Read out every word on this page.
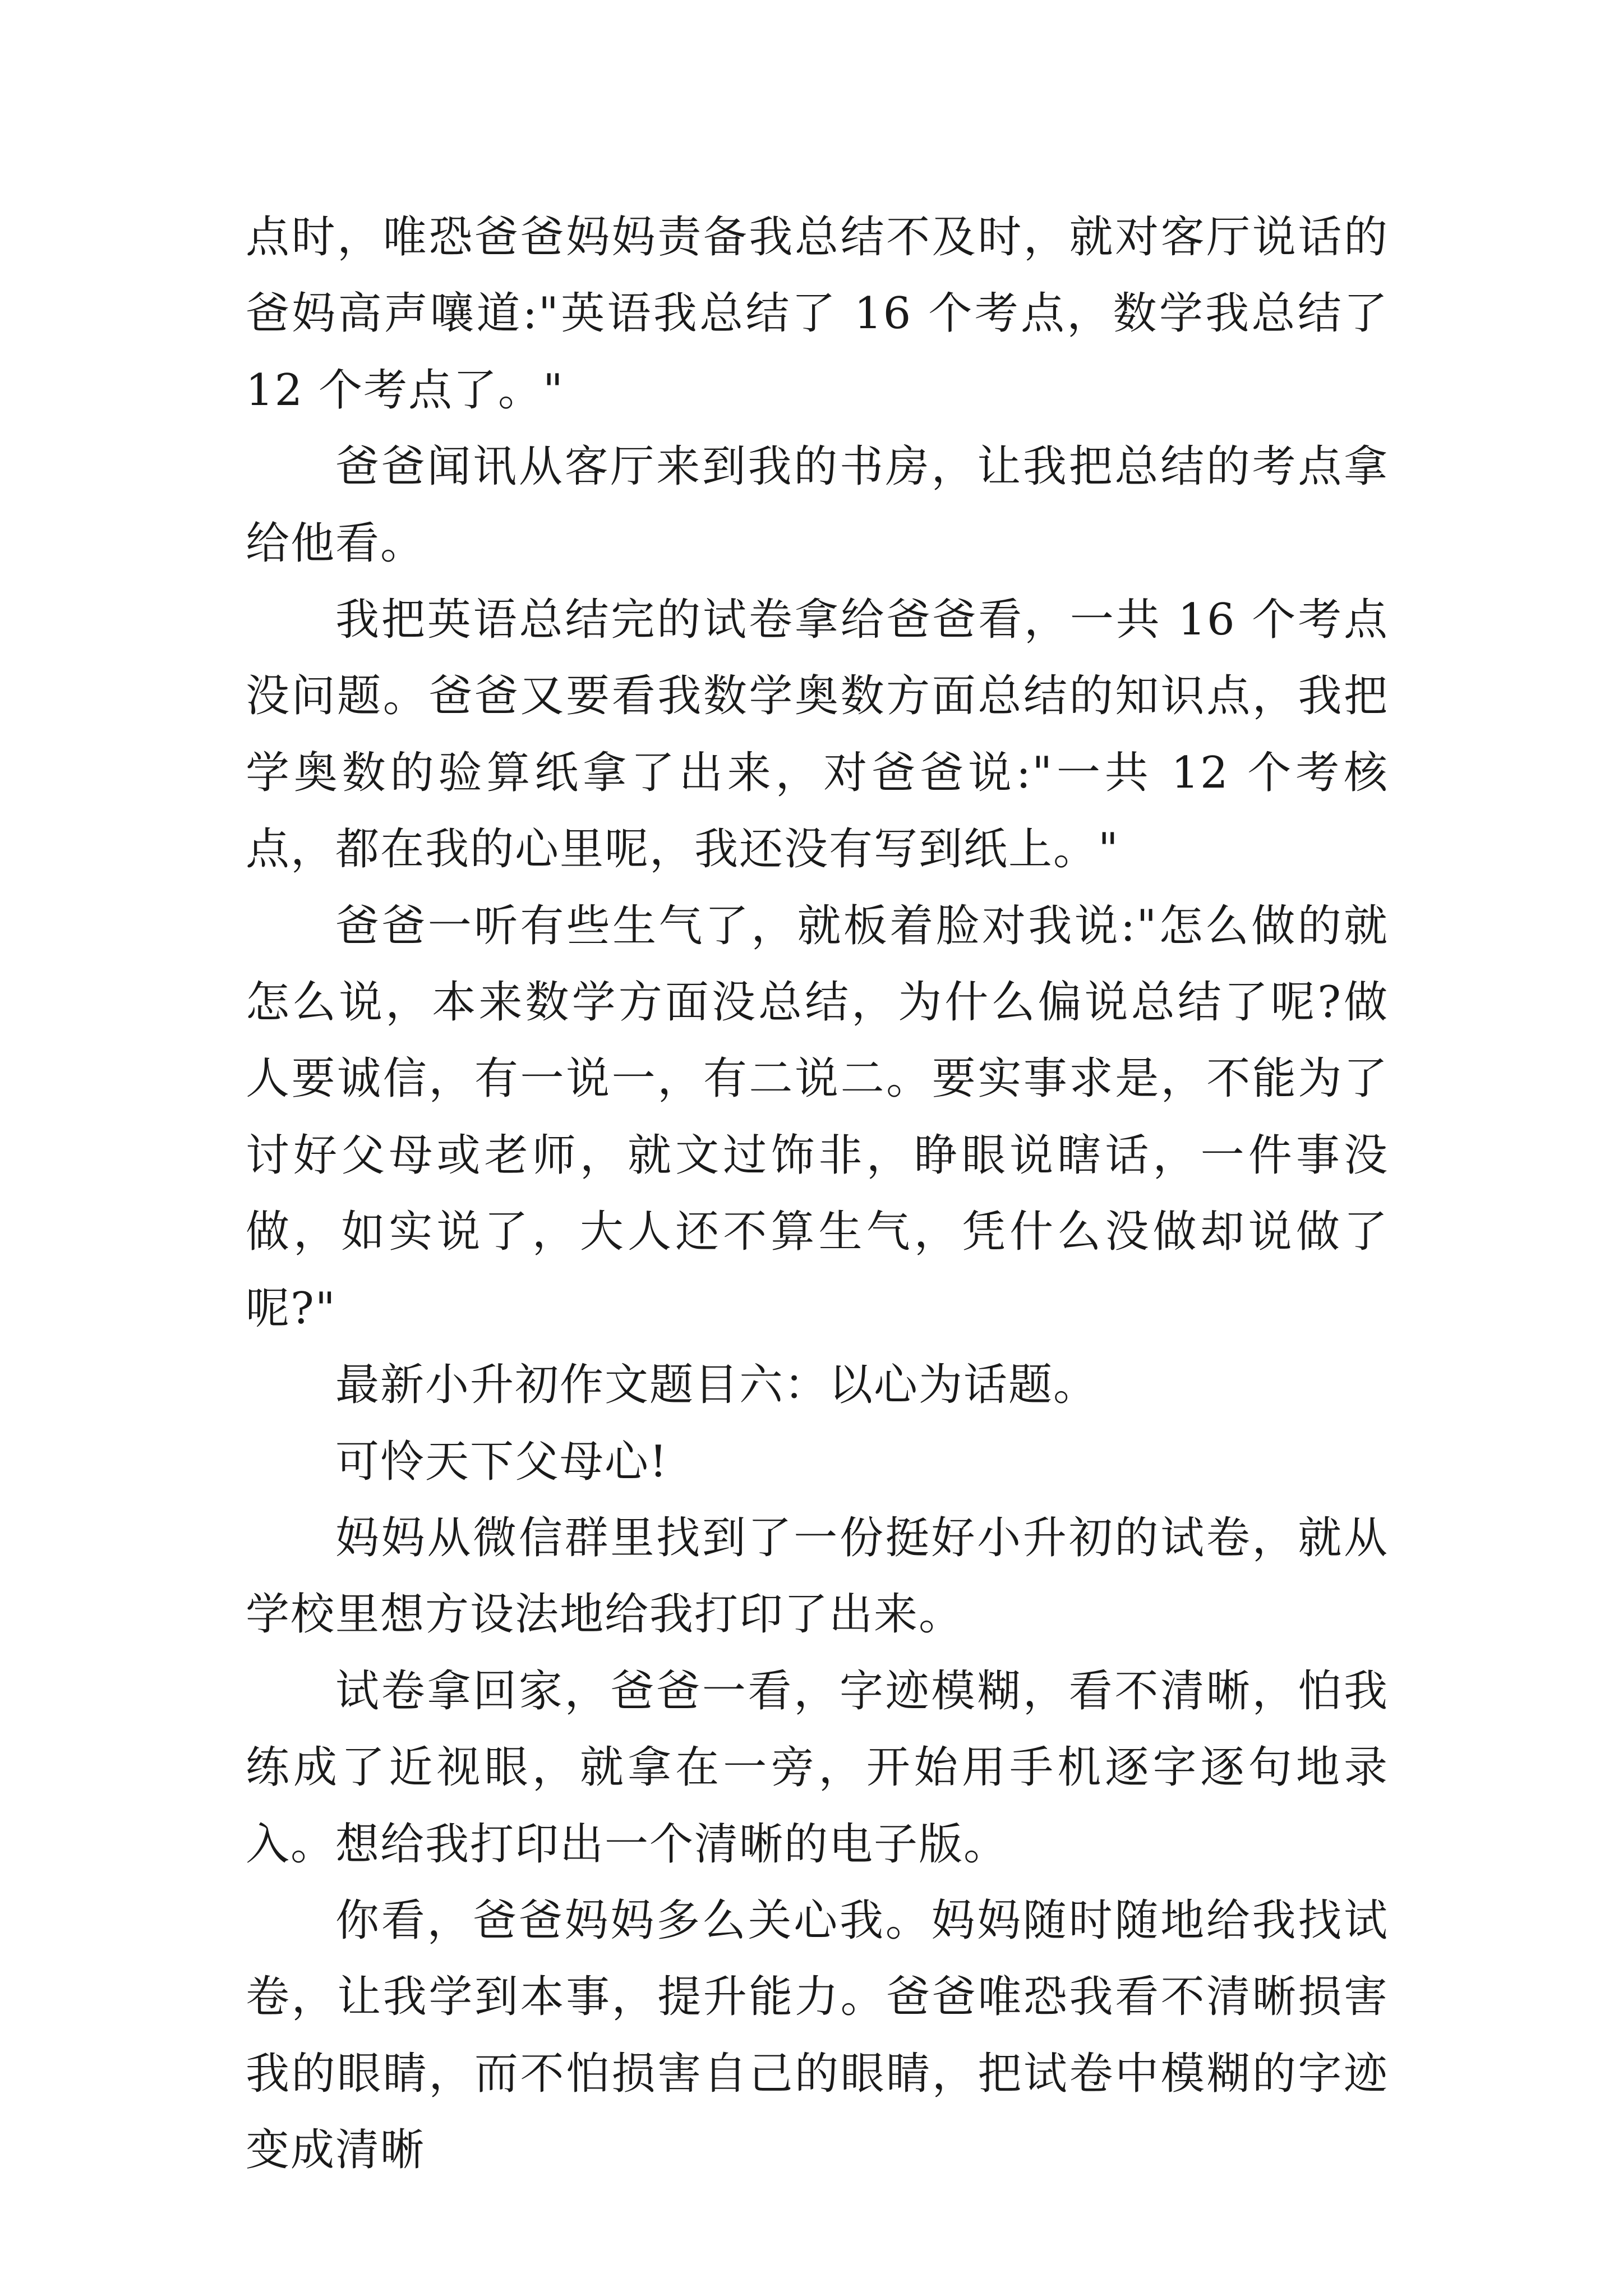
点时，唯恐爸爸妈妈责备我总结不及时，就对客厅说话的爸妈高声嚷道:"英语我总结了 16 个考点，数学我总结了 12 个考点了。"

爸爸闻讯从客厅来到我的书房，让我把总结的考点拿给他看。

我把英语总结完的试卷拿给爸爸看，一共 16 个考点没问题。爸爸又要看我数学奥数方面总结的知识点，我把学奥数的验算纸拿了出来，对爸爸说:"一共 12 个考核点，都在我的心里呢，我还没有写到纸上。"

爸爸一听有些生气了，就板着脸对我说:"怎么做的就怎么说，本来数学方面没总结，为什么偏说总结了呢?做人要诚信，有一说一，有二说二。要实事求是，不能为了讨好父母或老师，就文过饰非，睁眼说瞎话，一件事没做，如实说了，大人还不算生气，凭什么没做却说做了呢?"

最新小升初作文题目六：以心为话题。

可怜天下父母心!

妈妈从微信群里找到了一份挺好小升初的试卷，就从学校里想方设法地给我打印了出来。

试卷拿回家，爸爸一看，字迹模糊，看不清晰，怕我练成了近视眼，就拿在一旁，开始用手机逐字逐句地录入。想给我打印出一个清晰的电子版。

你看，爸爸妈妈多么关心我。妈妈随时随地给我找试卷，让我学到本事，提升能力。爸爸唯恐我看不清晰损害我的眼睛，而不怕损害自己的眼睛，把试卷中模糊的字迹变成清晰
